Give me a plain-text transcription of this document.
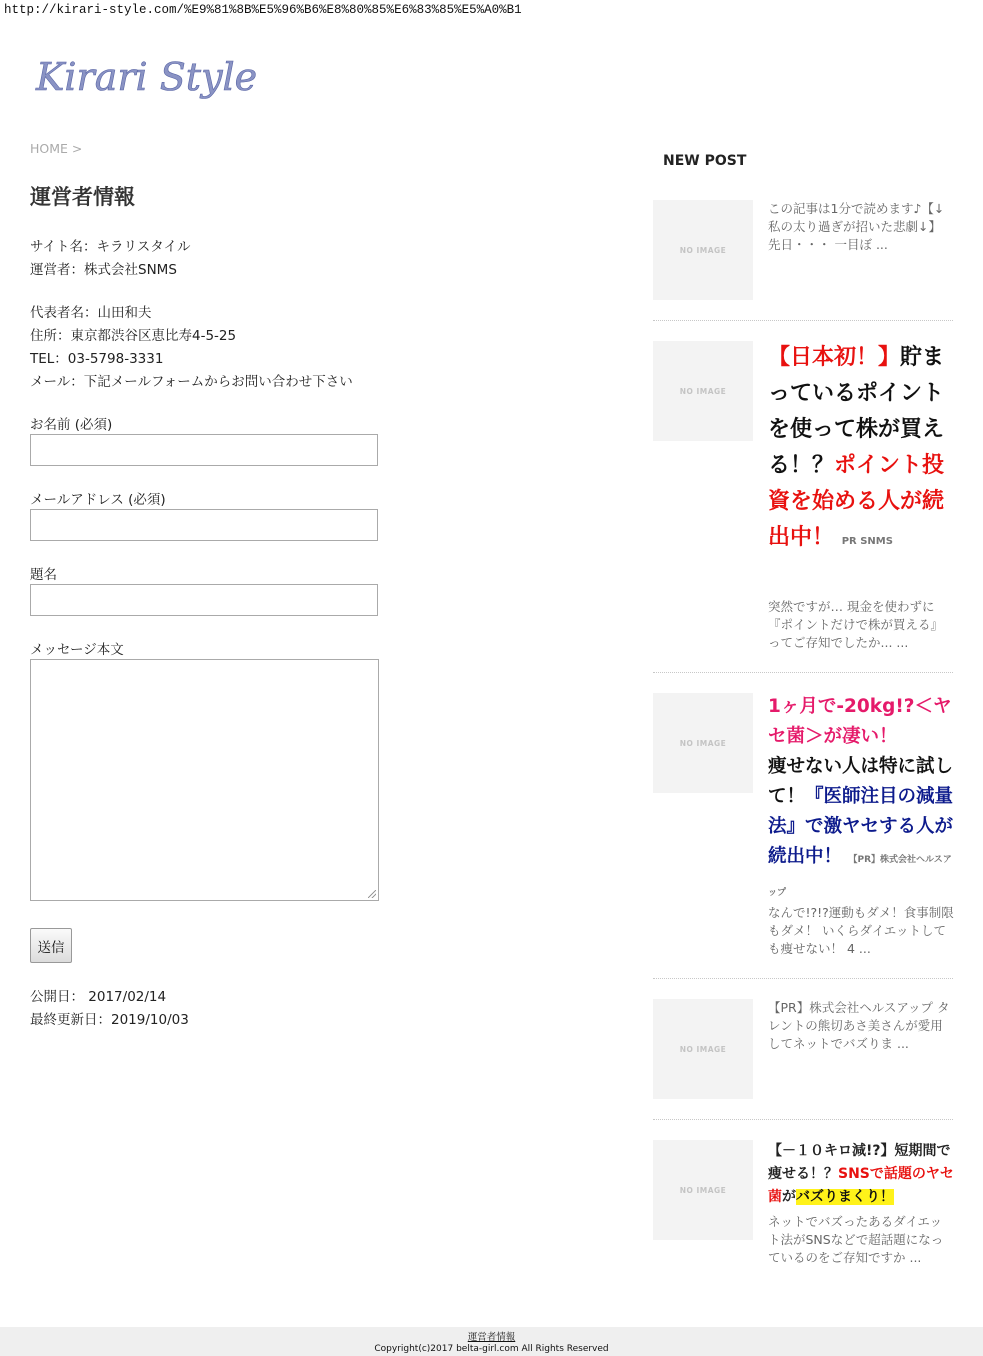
http://kirari-style.com/%E9%81%8B%E5%96%B6%E8%80%85%E6%83%85%E5%A0%B1
Kirari Style
HOME >
運営者情報
サイト名：キラリスタイル
運営者：株式会社SNMS
代表者名：山田和夫
住所：東京都渋谷区恵比寿4-5-25
TEL：03-5798-3331
メール：下記メールフォームからお問い合わせ下さい
お名前 (必須)
メールアドレス (必須)
題名
メッセージ本文
送信
公開日： 2017/02/14
最終更新日：2019/10/03
NEW POST
NO IMAGE
この記事は1分で読めます♪【↓私の太り過ぎが招いた悲劇↓】 先日・・・ 一目ぼ ...
NO IMAGE
【日本初！】貯まっているポイントを使って株が買える！？ポイント投資を始める人が続出中！ PR SNMS
突然ですが… 現金を使わずに『ポイントだけで株が買える』ってご存知でしたか... ...
NO IMAGE
1ヶ月で-20kg!?＜ヤセ菌＞が凄い！
痩せない人は特に試して！『医師注目の減量法』で激ヤセする人が続出中！ 【PR】株式会社ヘルスアップ
なんで!?!?運動もダメ！食事制限もダメ！ いくらダイエットしても痩せない！ 4 ...
NO IMAGE
【PR】株式会社ヘルスアップ タレントの熊切あさ美さんが愛用してネットでバズりま ...
NO IMAGE
【－１０キロ減!?】短期間で痩せる！？SNSで話題のヤセ菌がバズりまくり！
ネットでバズったあるダイエット法がSNSなどで超話題になっているのをご存知ですか ...
運営者情報
Copyright(c)2017 belta-girl.com All Rights Reserved
